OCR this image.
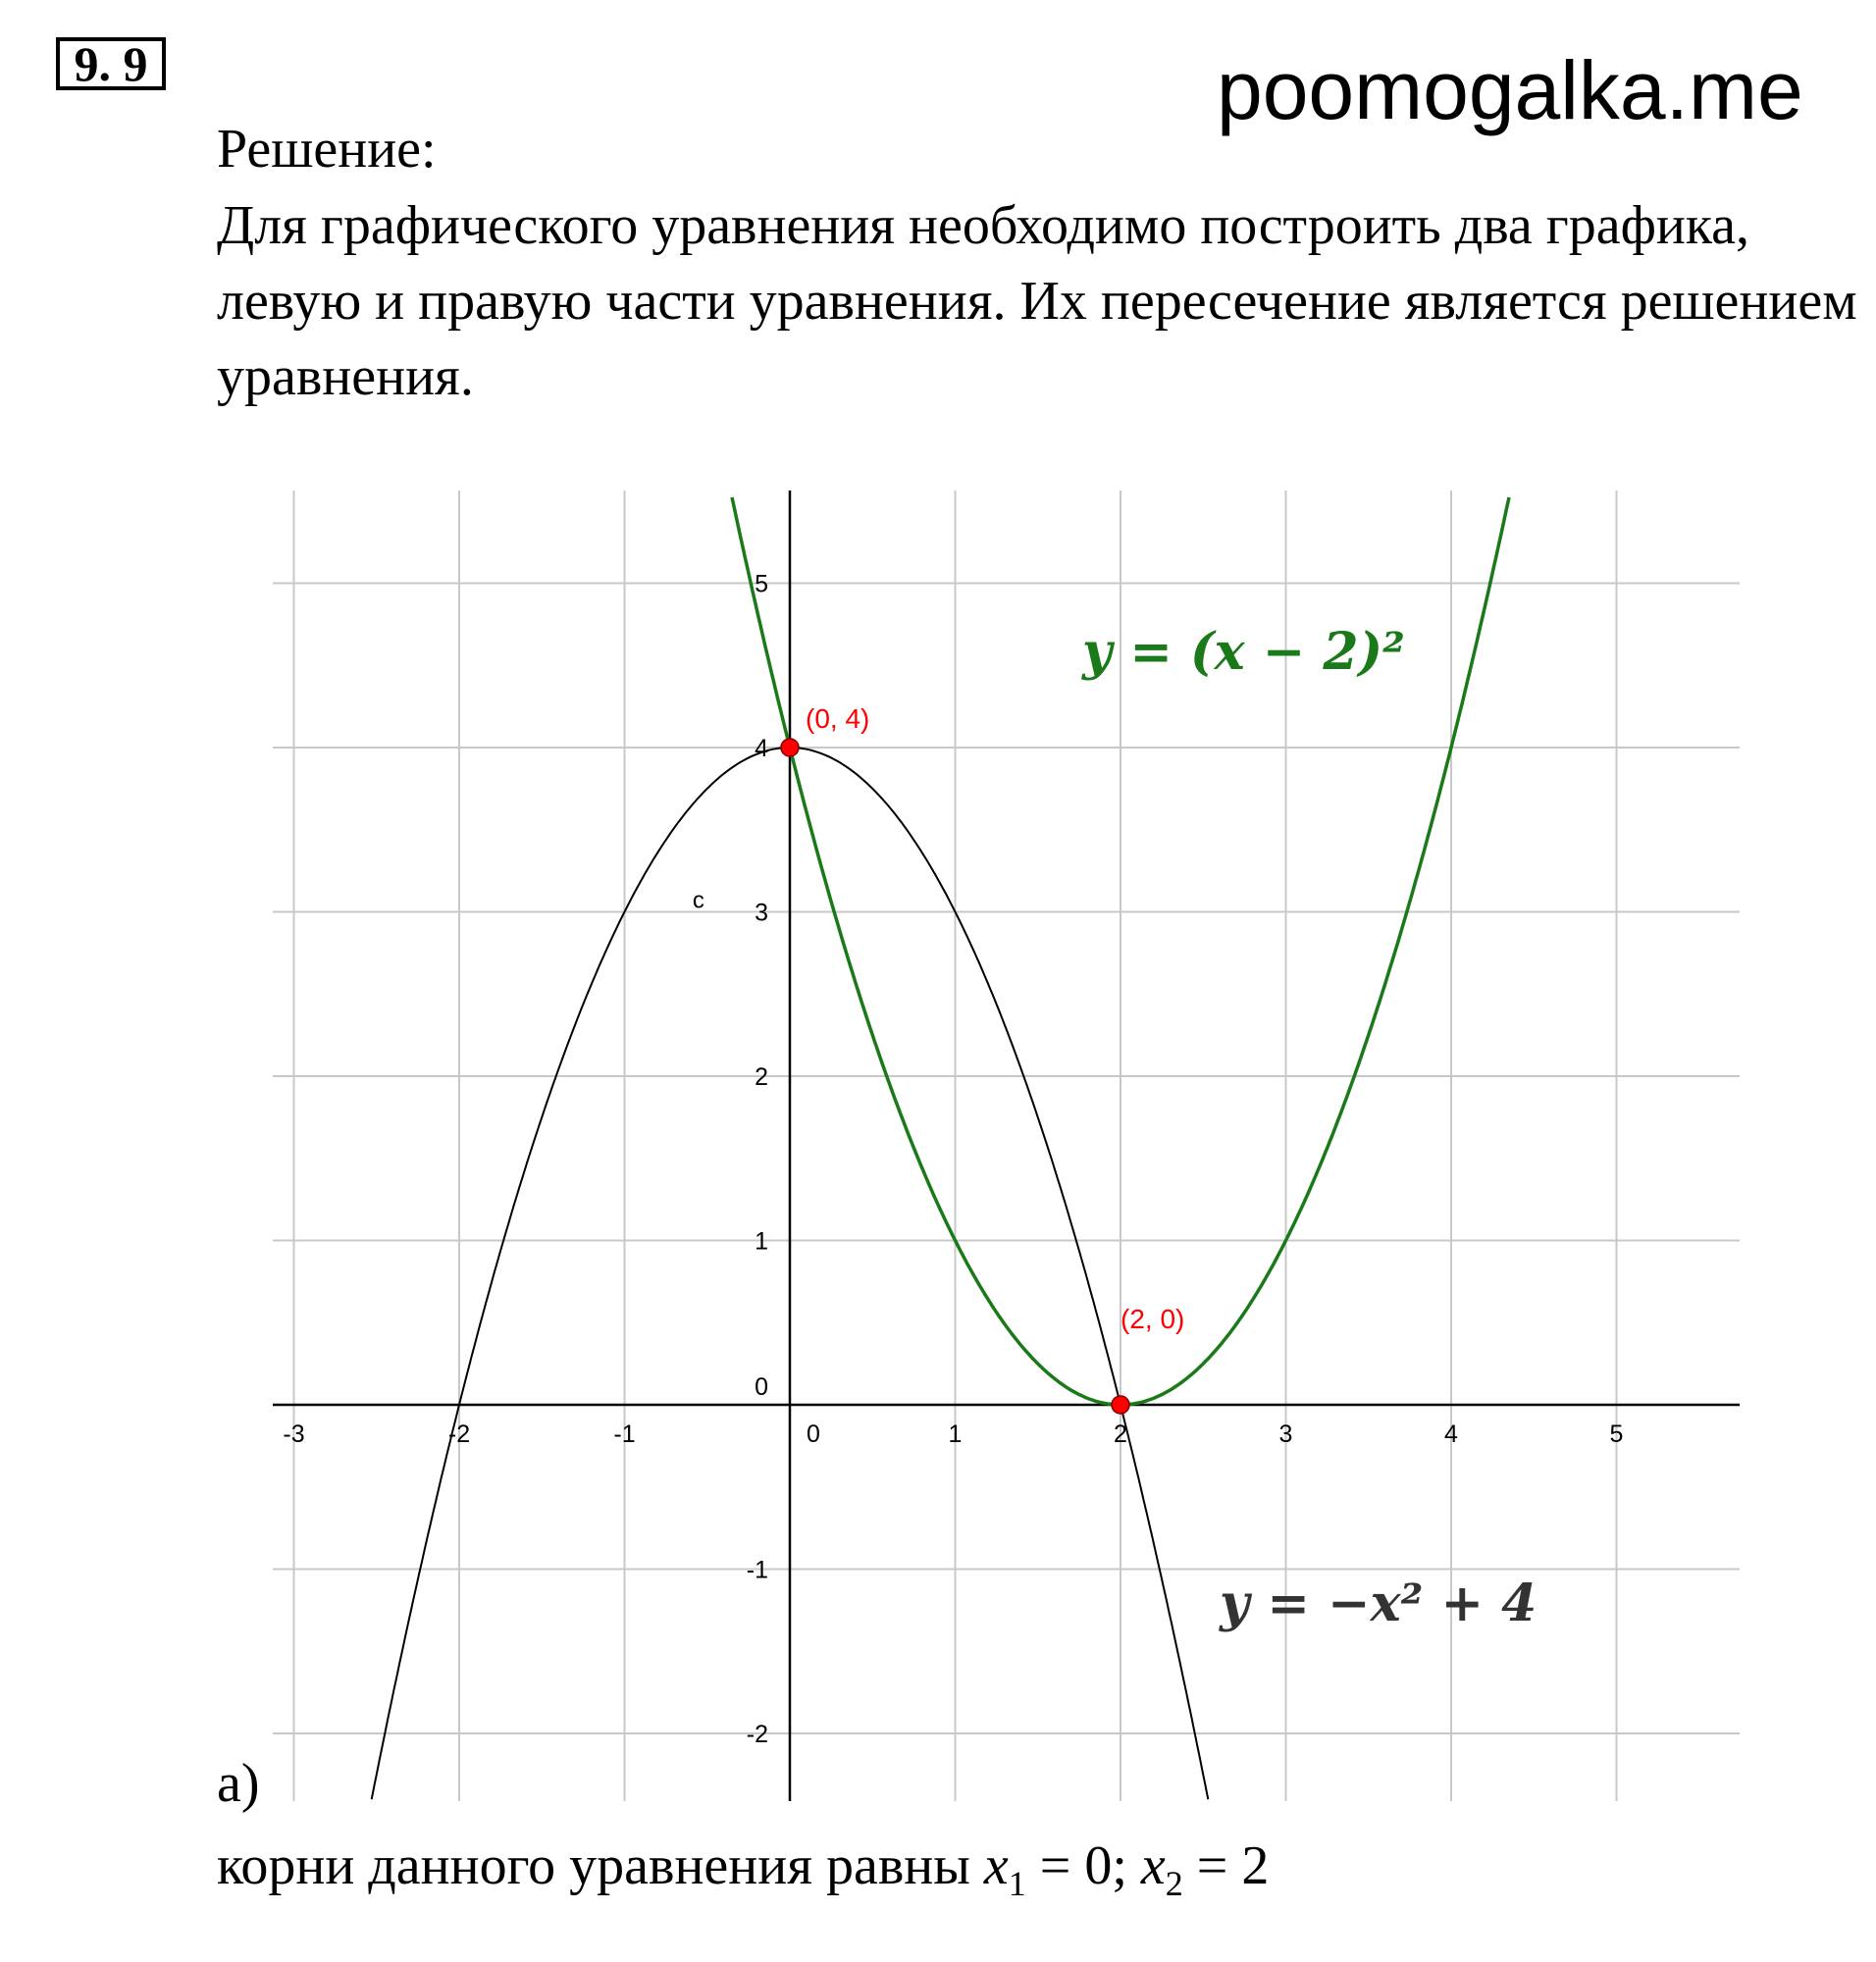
9. 9	poomogalka.me
Решение:
Для графического уравнения необходимо построить два графика, левую и правую части уравнения. Их пересечение является решением уравнения.
-3	-2	-1	0	1	2	3	4	5
-2
-1
0
1
2
3
4
5
y = (x − 2)²
y = −x² + 4
(0, 4)
(2, 0)
c
а)
корни данного уравнения равны $x_1 = 0$; $x_2 = 2$
